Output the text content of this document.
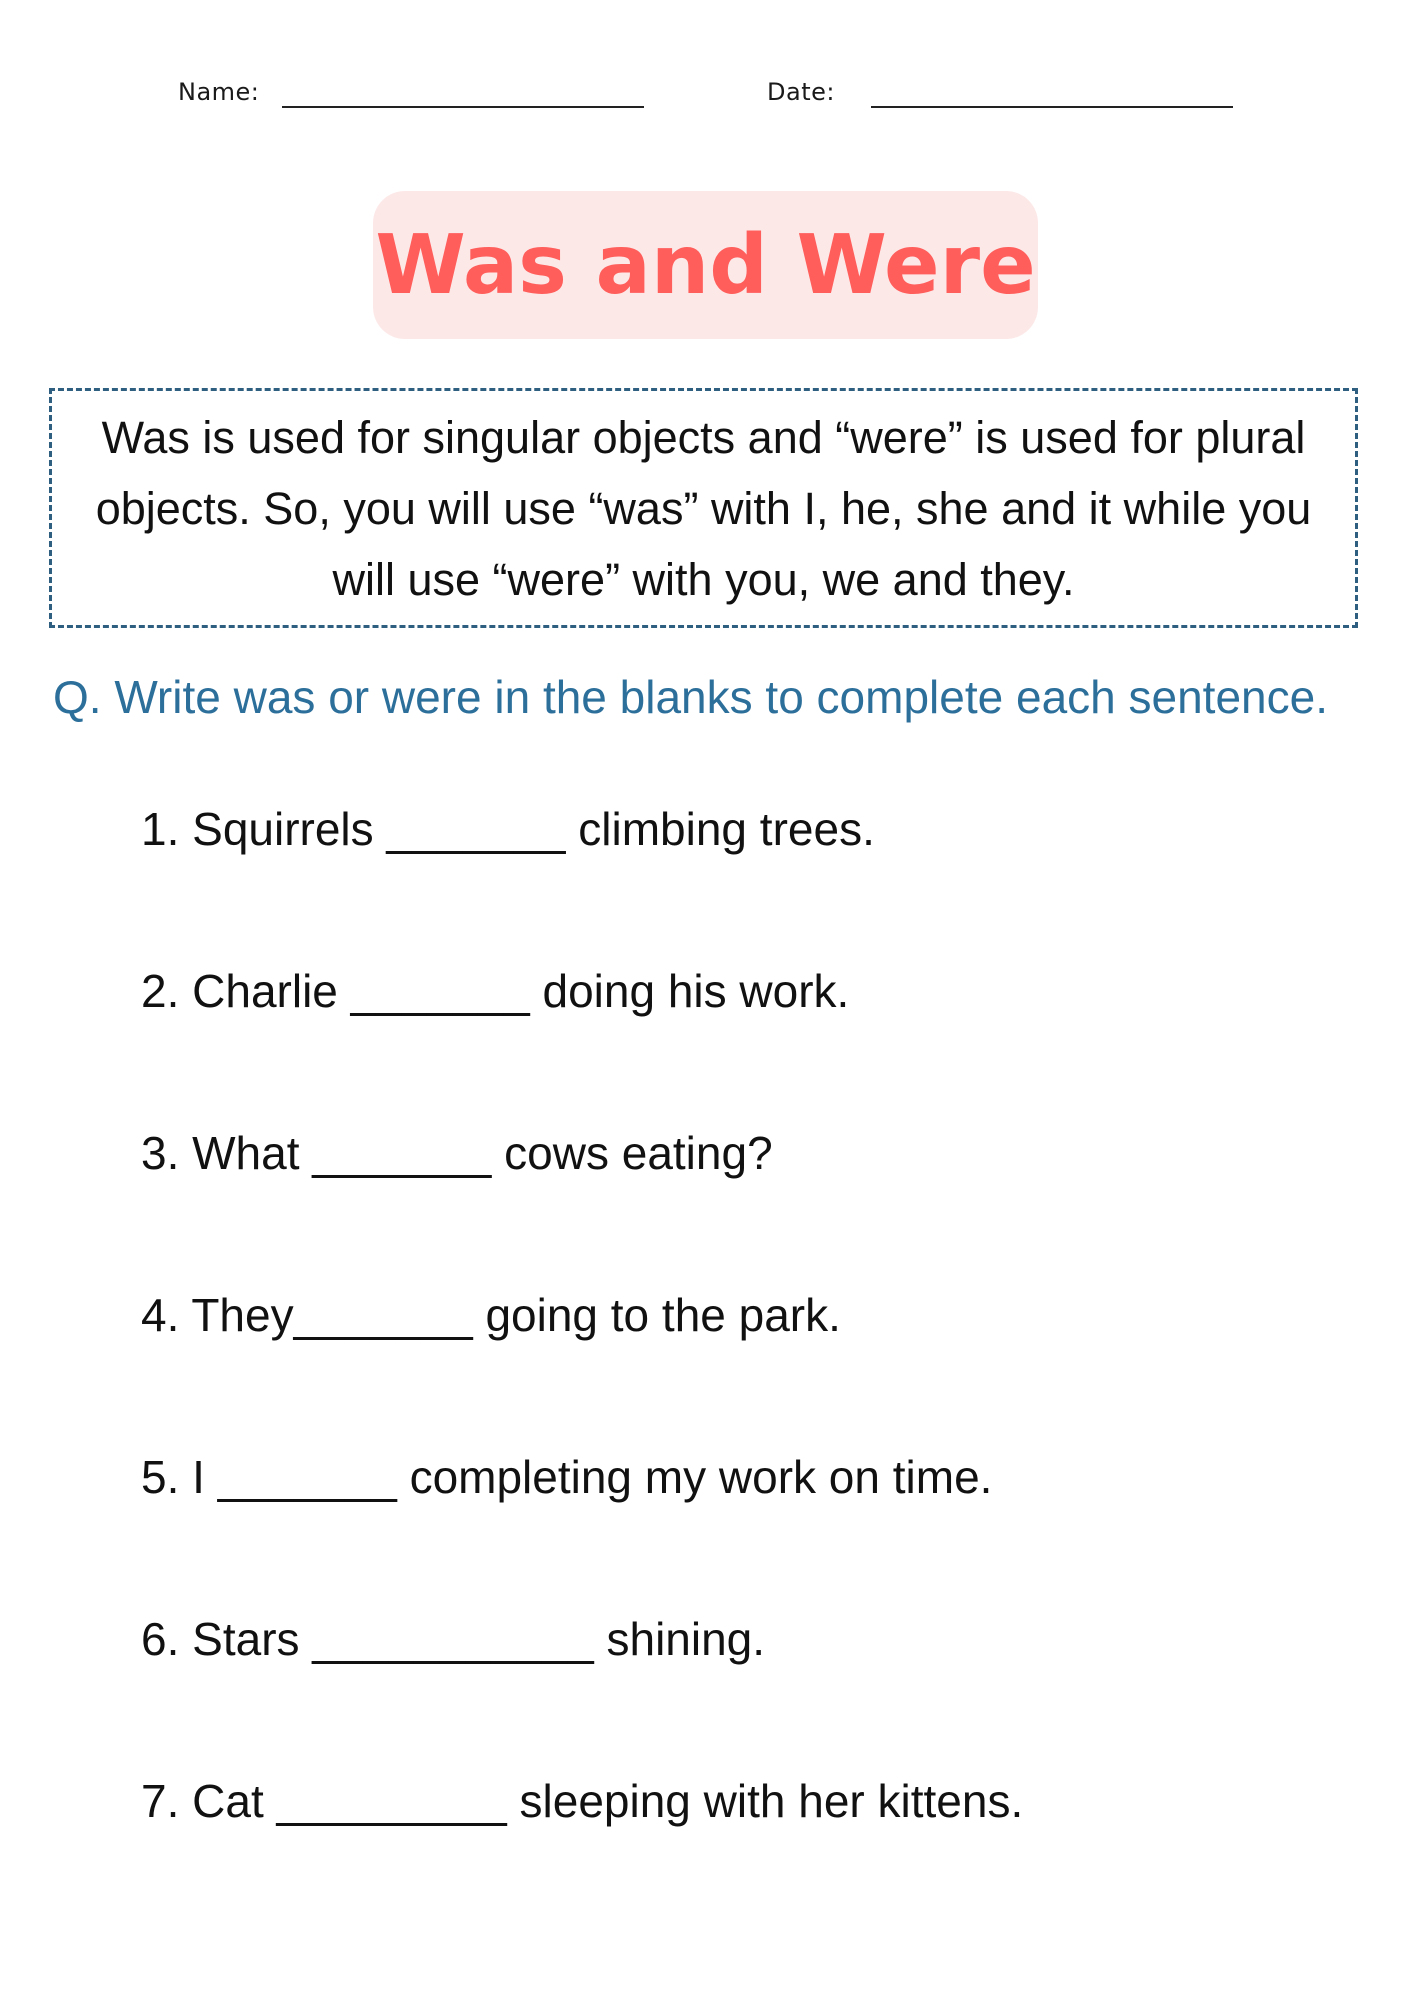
Name:	Date:
Was and Were
Was is used for singular objects and “were” is used for plural objects. So, you will use “was” with I, he, she and it while you will use “were” with you, we and they.
Q. Write was or were in the blanks to complete each sentence.
1. Squirrels _______ climbing trees.
2. Charlie _______ doing his work.
3. What _______ cows eating?
4. They_______ going to the park.
5. I _______ completing my work on time.
6. Stars ___________ shining.
7. Cat _________ sleeping with her kittens.
